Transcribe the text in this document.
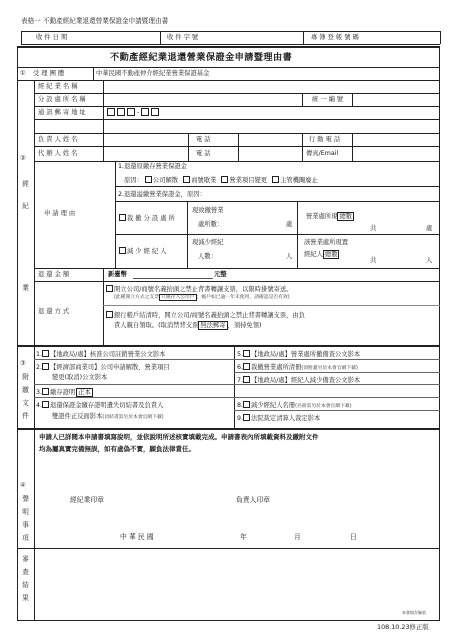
表格一 不動產經紀業退還營業保證金申請暨理由書
收 件 日 期	收 件 字 號	專 簿 登 帳 號 碼
不動產經紀業退還營業保證金申請暨理由書
① 受 理 團 體	中華民國不動產仲介經紀業營業保證基金
②
經
紀
業
經 紀 業 名 稱
分 設 處 所 名 稱	統 一 編 號
通 訊 郵 寄 地 址	-
負 責 人 姓 名	電 話	行 動 電 話
代 辦 人 姓 名	電 話	傳真/Email
申 請 理 由
1.退還原繳存營業保證金
原因： 公司解散 商號歇業 營業項目變更 主管機關廢止
2.退還溢繳營業保證金，原因：
裁 撤 分 設 處 所
現致撤營業
處所數：	處
營業處所現 總數
共	處
減 少 經 紀 人
現減少經紀
人數：	人
該營業處所現置
經紀人 總數
共	人
退 還 金 額	新臺幣	元整
退 還 方 式
開立公司/商號名義抬頭之禁止背書轉讓支票，以限時掛號寄送。
(此種開立方式之支票 只限存入公司戶 ；帳戶如已逾一年未使用，請確認是否有效)
銀行帳戶結清時，開立公司/商號名義抬頭之禁止背書轉讓支票，由負
責人親自領取。(取消禁背支票 無法郵寄 ，須持免領)
③
附
繳
文
件
1. 【地政局/處】核准公司註銷營業公文影本
2. 【經濟部商業司】公司申請解散、營業項目
變更(取消)公文影本
3. 繳存證明 正本
4. 退還保證金繳存證明遺失切結書及負責人
雙證件正反面影本(切結書需另於本會官網下載)
5. 【地政局/處】營業處所撤備查公文影本
6. 裁撤營業處所清冊(須附蓋另於本會官網下載)
7. 【地政局/處】經紀人減少備查公文影本
8. 減少經紀人名冊(名冊需另於本會官網下載)
9. 法院裁定清算人裁定影本
④
聲
明
事
項
申請人已詳閱本申請書填寫說明，並依說明所述核實填載完成。申請書表內所填載資料及繳附文件
均為屬真實完備無誤，如有虛偽不實，願負法律責任。
經紀業印章	負責人印章
中 華 民 國	年	月	日
審
查
結
果
本會填存驗收
108.10.23修正版
